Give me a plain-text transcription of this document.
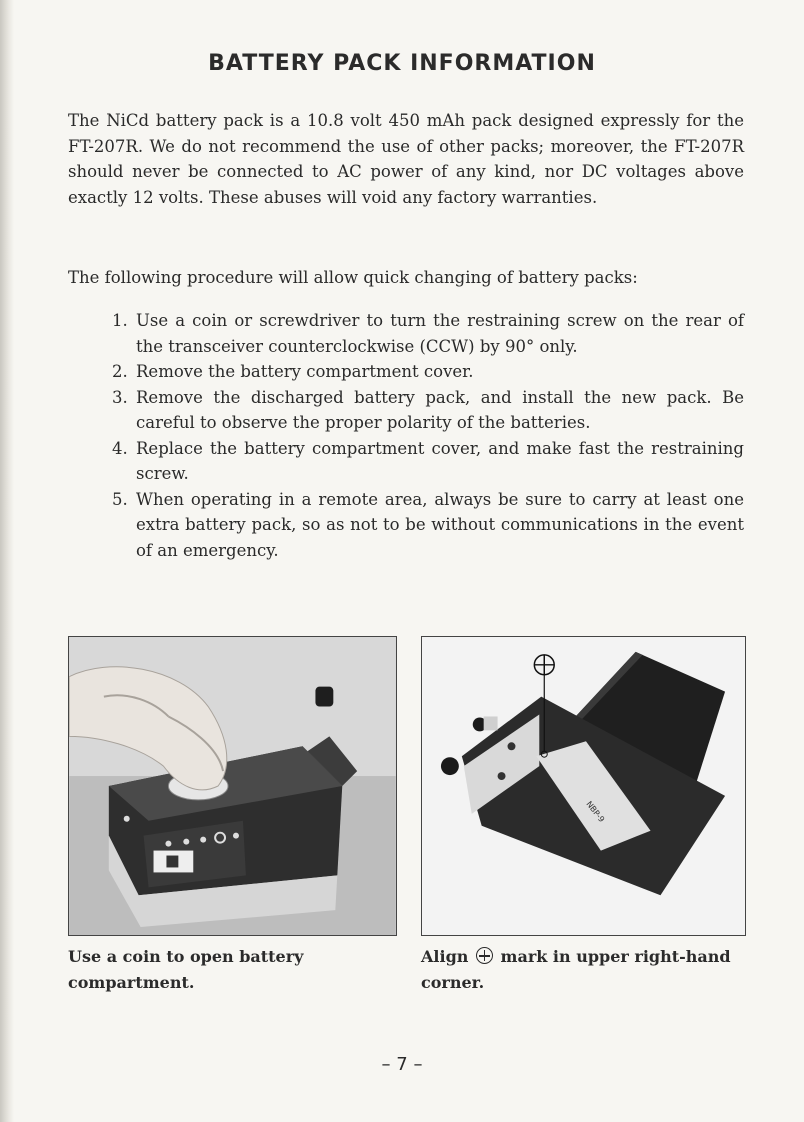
BATTERY PACK INFORMATION

The NiCd battery pack is a 10.8 volt 450 mAh pack designed expressly for the FT-207R. We do not recommend the use of other packs; moreover, the FT-207R should never be connected to AC power of any kind, nor DC voltages above exactly 12 volts. These abuses will void any factory warranties.

The following procedure will allow quick changing of battery packs:

1. Use a coin or screwdriver to turn the restraining screw on the rear of the transceiver counterclockwise (CCW) by 90° only.
2. Remove the battery compartment cover.
3. Remove the discharged battery pack, and install the new pack. Be careful to observe the proper polarity of the batteries.
4. Replace the battery compartment cover, and make fast the restraining screw.
5. When operating in a remote area, always be sure to carry at least one extra battery pack, so as not to be without communications in the event of an emergency.
NBP-9
Use a coin to open battery compartment.
Align mark in upper right-hand corner.
– 7 –
